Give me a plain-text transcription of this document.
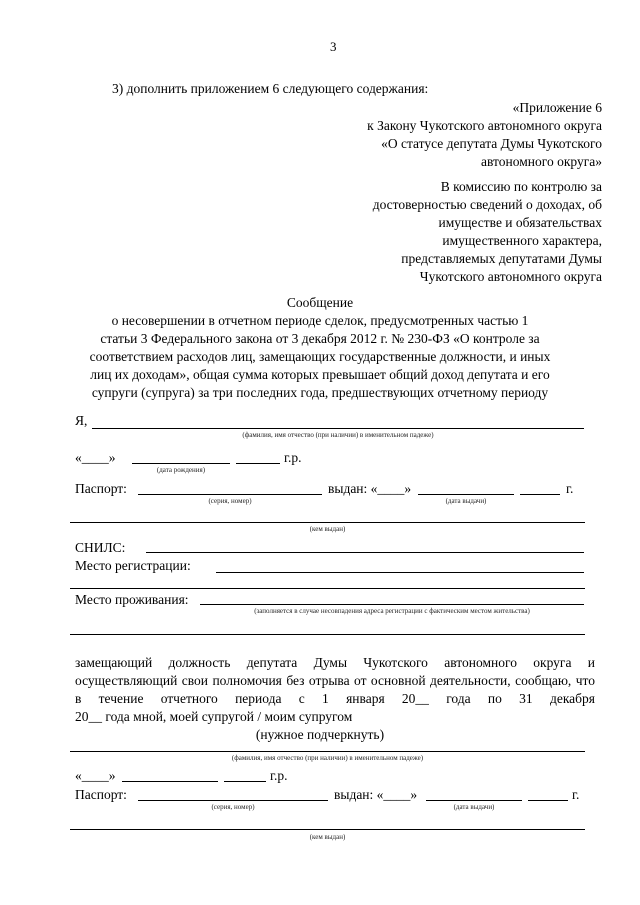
3
3) дополнить приложением 6 следующего содержания:
«Приложение 6
к Закону Чукотского автономного округа
«О статусе депутата Думы Чукотского
автономного округа»
В комиссию по контролю за
достоверностью сведений о доходах, об
имуществе и обязательствах
имущественного характера,
представляемых депутатами Думы
Чукотского автономного округа
Сообщение
о несовершении в отчетном периоде сделок, предусмотренных частью 1
статьи 3 Федерального закона от 3 декабря 2012 г. № 230-ФЗ «О контроле за
соответствием расходов лиц, замещающих государственные должности, и иных
лиц их доходам», общая сумма которых превышает общий доход депутата и его
супруги (супруга) за три последних года, предшествующих отчетному периоду
Я,
(фамилия, имя отчество (при наличии) в именительном падеже)
«____»	г.р.
(дата рождения)
Паспорт:	выдан: «____»	г.
(серия, номер)	(дата выдачи)
(кем выдан)
СНИЛС:
Место регистрации:
Место проживания:
(заполняется в случае несовпадения адреса регистрации с фактическим местом жительства)
замещающий должность депутата Думы Чукотского автономного округа и осуществляющий свои полномочия без отрыва от основной деятельности, сообщаю, что в течение отчетного периода с 1 января 20__ года по 31 декабря
20__ года мной, моей супругой / моим супругом
(нужное подчеркнуть)
(фамилия, имя отчество (при наличии) в именительном падеже)
«____»	г.р.
Паспорт:	выдан: «____»	г.
(серия, номер)	(дата выдачи)
(кем выдан)
